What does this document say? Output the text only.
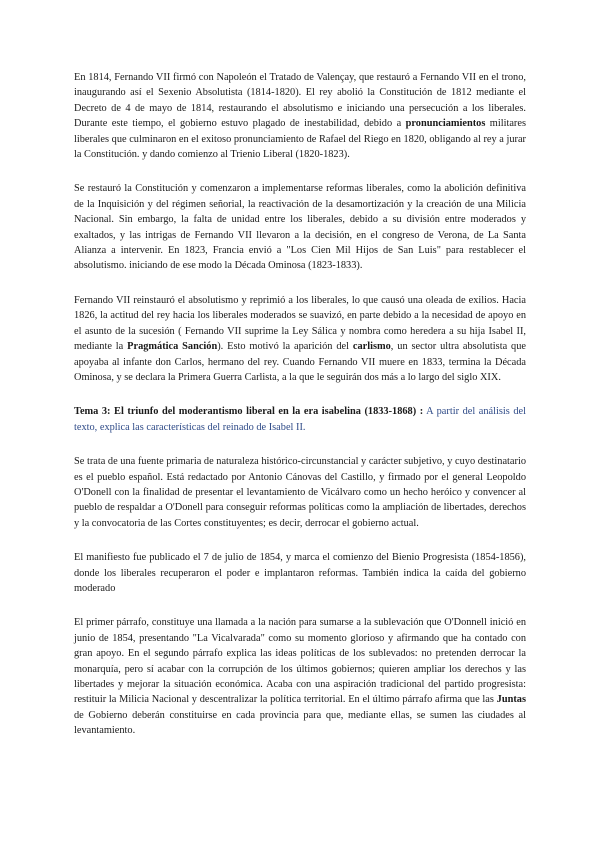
En 1814, Fernando VII firmó con Napoleón el Tratado de Valençay, que restauró a Fernando VII en el trono, inaugurando así el Sexenio Absolutista (1814-1820). El rey abolió la Constitución de 1812 mediante el Decreto de 4 de mayo de 1814, restaurando el absolutismo e iniciando una persecución a los liberales. Durante este tiempo, el gobierno estuvo plagado de inestabilidad, debido a pronunciamientos militares liberales que culminaron en el exitoso pronunciamiento de Rafael del Riego en 1820, obligando al rey a jurar la Constitución. y dando comienzo al Trienio Liberal (1820-1823).

Se restauró la Constitución y comenzaron a implementarse reformas liberales, como la abolición definitiva de la Inquisición y del régimen señorial, la reactivación de la desamortización y la creación de una Milicia Nacional. Sin embargo, la falta de unidad entre los liberales, debido a su división entre moderados y exaltados, y las intrigas de Fernando VII llevaron a la decisión, en el congreso de Verona, de La Santa Alianza a intervenir. En 1823, Francia envió a "Los Cien Mil Hijos de San Luis" para restablecer el absolutismo. iniciando de ese modo la Década Ominosa (1823-1833).

Fernando VII reinstauró el absolutismo y reprimió a los liberales, lo que causó una oleada de exilios. Hacia 1826, la actitud del rey hacia los liberales moderados se suavizó, en parte debido a la necesidad de apoyo en el asunto de la sucesión ( Fernando VII suprime la Ley Sálica y nombra como heredera a su hija Isabel II, mediante la Pragmática Sanción). Esto motivó la aparición del carlismo, un sector ultra absolutista que apoyaba al infante don Carlos, hermano del rey. Cuando Fernando VII muere en 1833, termina la Década Ominosa, y se declara la Primera Guerra Carlista, a la que le seguirán dos más a lo largo del siglo XIX.

Tema 3: El triunfo del moderantismo liberal en la era isabelina (1833-1868) : A partir del análisis del texto, explica las características del reinado de Isabel II.

Se trata de una fuente primaria de naturaleza histórico-circunstancial y carácter subjetivo, y cuyo destinatario es el pueblo español. Está redactado por Antonio Cánovas del Castillo, y firmado por el general Leopoldo O'Donell con la finalidad de presentar el levantamiento de Vicálvaro como un hecho heróico y convencer al pueblo de respaldar a O'Donell para conseguir reformas políticas como la ampliación de libertades, derechos y la convocatoria de las Cortes constituyentes; es decir, derrocar el gobierno actual.

El manifiesto fue publicado el 7 de julio de 1854, y marca el comienzo del Bienio Progresista (1854-1856), donde los liberales recuperaron el poder e implantaron reformas. También indica la caída del gobierno moderado

El primer párrafo, constituye una llamada a la nación para sumarse a la sublevación que O'Donnell inició en junio de 1854, presentando "La Vicalvarada" como su momento glorioso y afirmando que ha contado con gran apoyo. En el segundo párrafo explica las ideas políticas de los sublevados: no pretenden derrocar la monarquía, pero sí acabar con la corrupción de los últimos gobiernos; quieren ampliar los derechos y las libertades y mejorar la situación económica. Acaba con una aspiración tradicional del partido progresista: restituir la Milicia Nacional y descentralizar la política territorial. En el último párrafo afirma que las Juntas de Gobierno deberán constituirse en cada provincia para que, mediante ellas, se sumen las ciudades al levantamiento.
